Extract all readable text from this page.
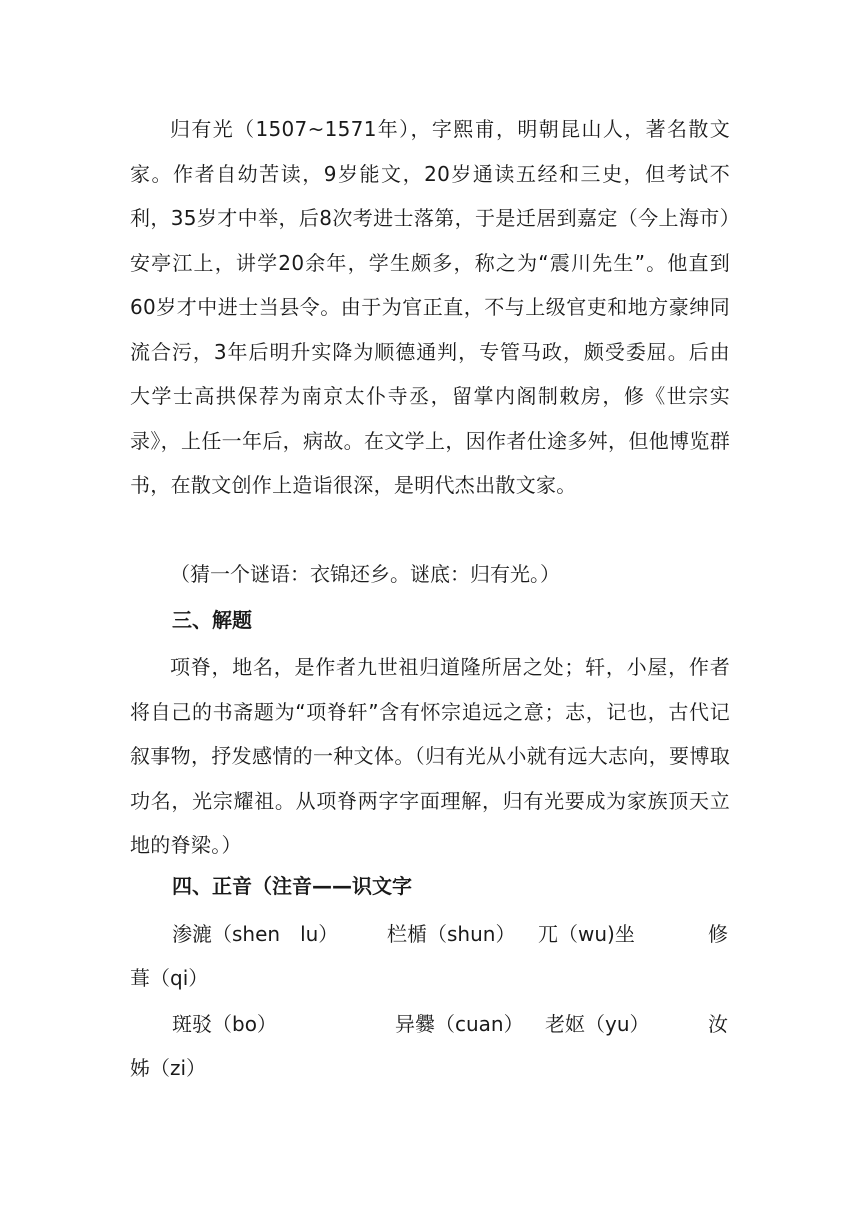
归有光（1507~1571年），字熙甫，明朝昆山人，著名散文家。作者自幼苦读，9岁能文，20岁通读五经和三史，但考试不利，35岁才中举，后8次考进士落第，于是迁居到嘉定（今上海市）安亭江上，讲学20余年，学生颇多，称之为“震川先生”。他直到60岁才中进士当县令。由于为官正直，不与上级官吏和地方豪绅同流合污，3年后明升实降为顺德通判，专管马政，颇受委屈。后由大学士高拱保荐为南京太仆寺丞，留掌内阁制敕房，修《世宗实录》，上任一年后，病故。在文学上，因作者仕途多舛，但他博览群书，在散文创作上造诣很深，是明代杰出散文家。

（猜一个谜语：衣锦还乡。谜底：归有光。）
三、解题

项脊，地名，是作者九世祖归道隆所居之处；轩，小屋，作者将自己的书斋题为“项脊轩”含有怀宗追远之意；志，记也，古代记叙事物，抒发感情的一种文体。（归有光从小就有远大志向，要博取功名，光宗耀祖。从项脊两字字面理解，归有光要成为家族顶天立地的脊梁。）

四、正音（注音——识文字
渗漉（shen　lu） 栏楯（shun） 兀（wu)坐	修
葺（qi）
斑驳（bo）	异爨（cuan） 老妪（yu）	汝
姊（zi）
